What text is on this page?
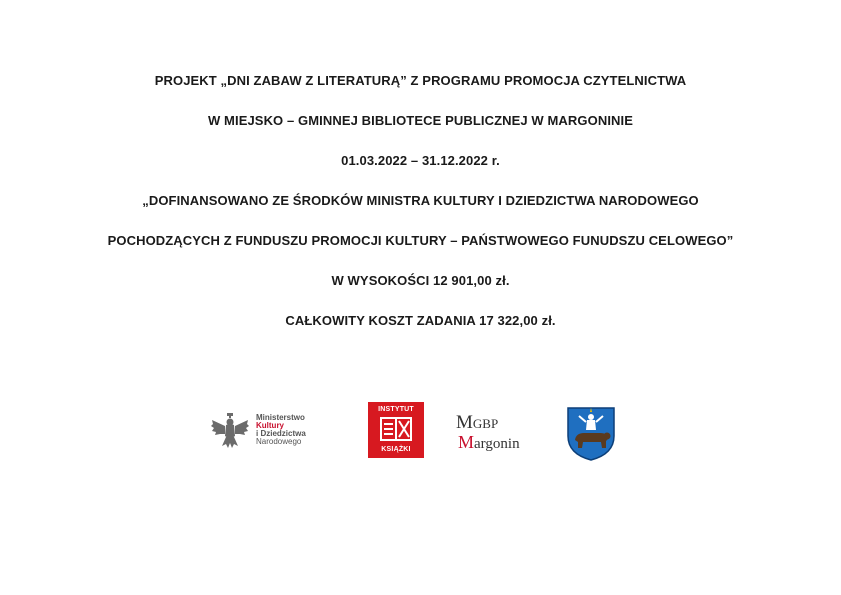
PROJEKT „DNI ZABAW Z LITERATURĄ” Z PROGRAMU PROMOCJA CZYTELNICTWA
W MIEJSKO – GMINNEJ BIBLIOTECE PUBLICZNEJ W MARGONINIE
01.03.2022 – 31.12.2022 r.
„DOFINANSOWANO ZE ŚRODKÓW MINISTRA KULTURY I DZIEDZICTWA NARODOWEGO
POCHODZĄCYCH Z FUNDUSZU PROMOCJI KULTURY – PAŃSTWOWEGO FUNUDSZU CELOWEGO”
W WYSOKOŚCI 12 901,00 zł.
CAŁKOWITY KOSZT ZADANIA 17 322,00 zł.
Ministerstwo
Kultury
i Dziedzictwa
Narodowego
INSTYTUT
KSIĄŻKI
MGBP
Margonin
